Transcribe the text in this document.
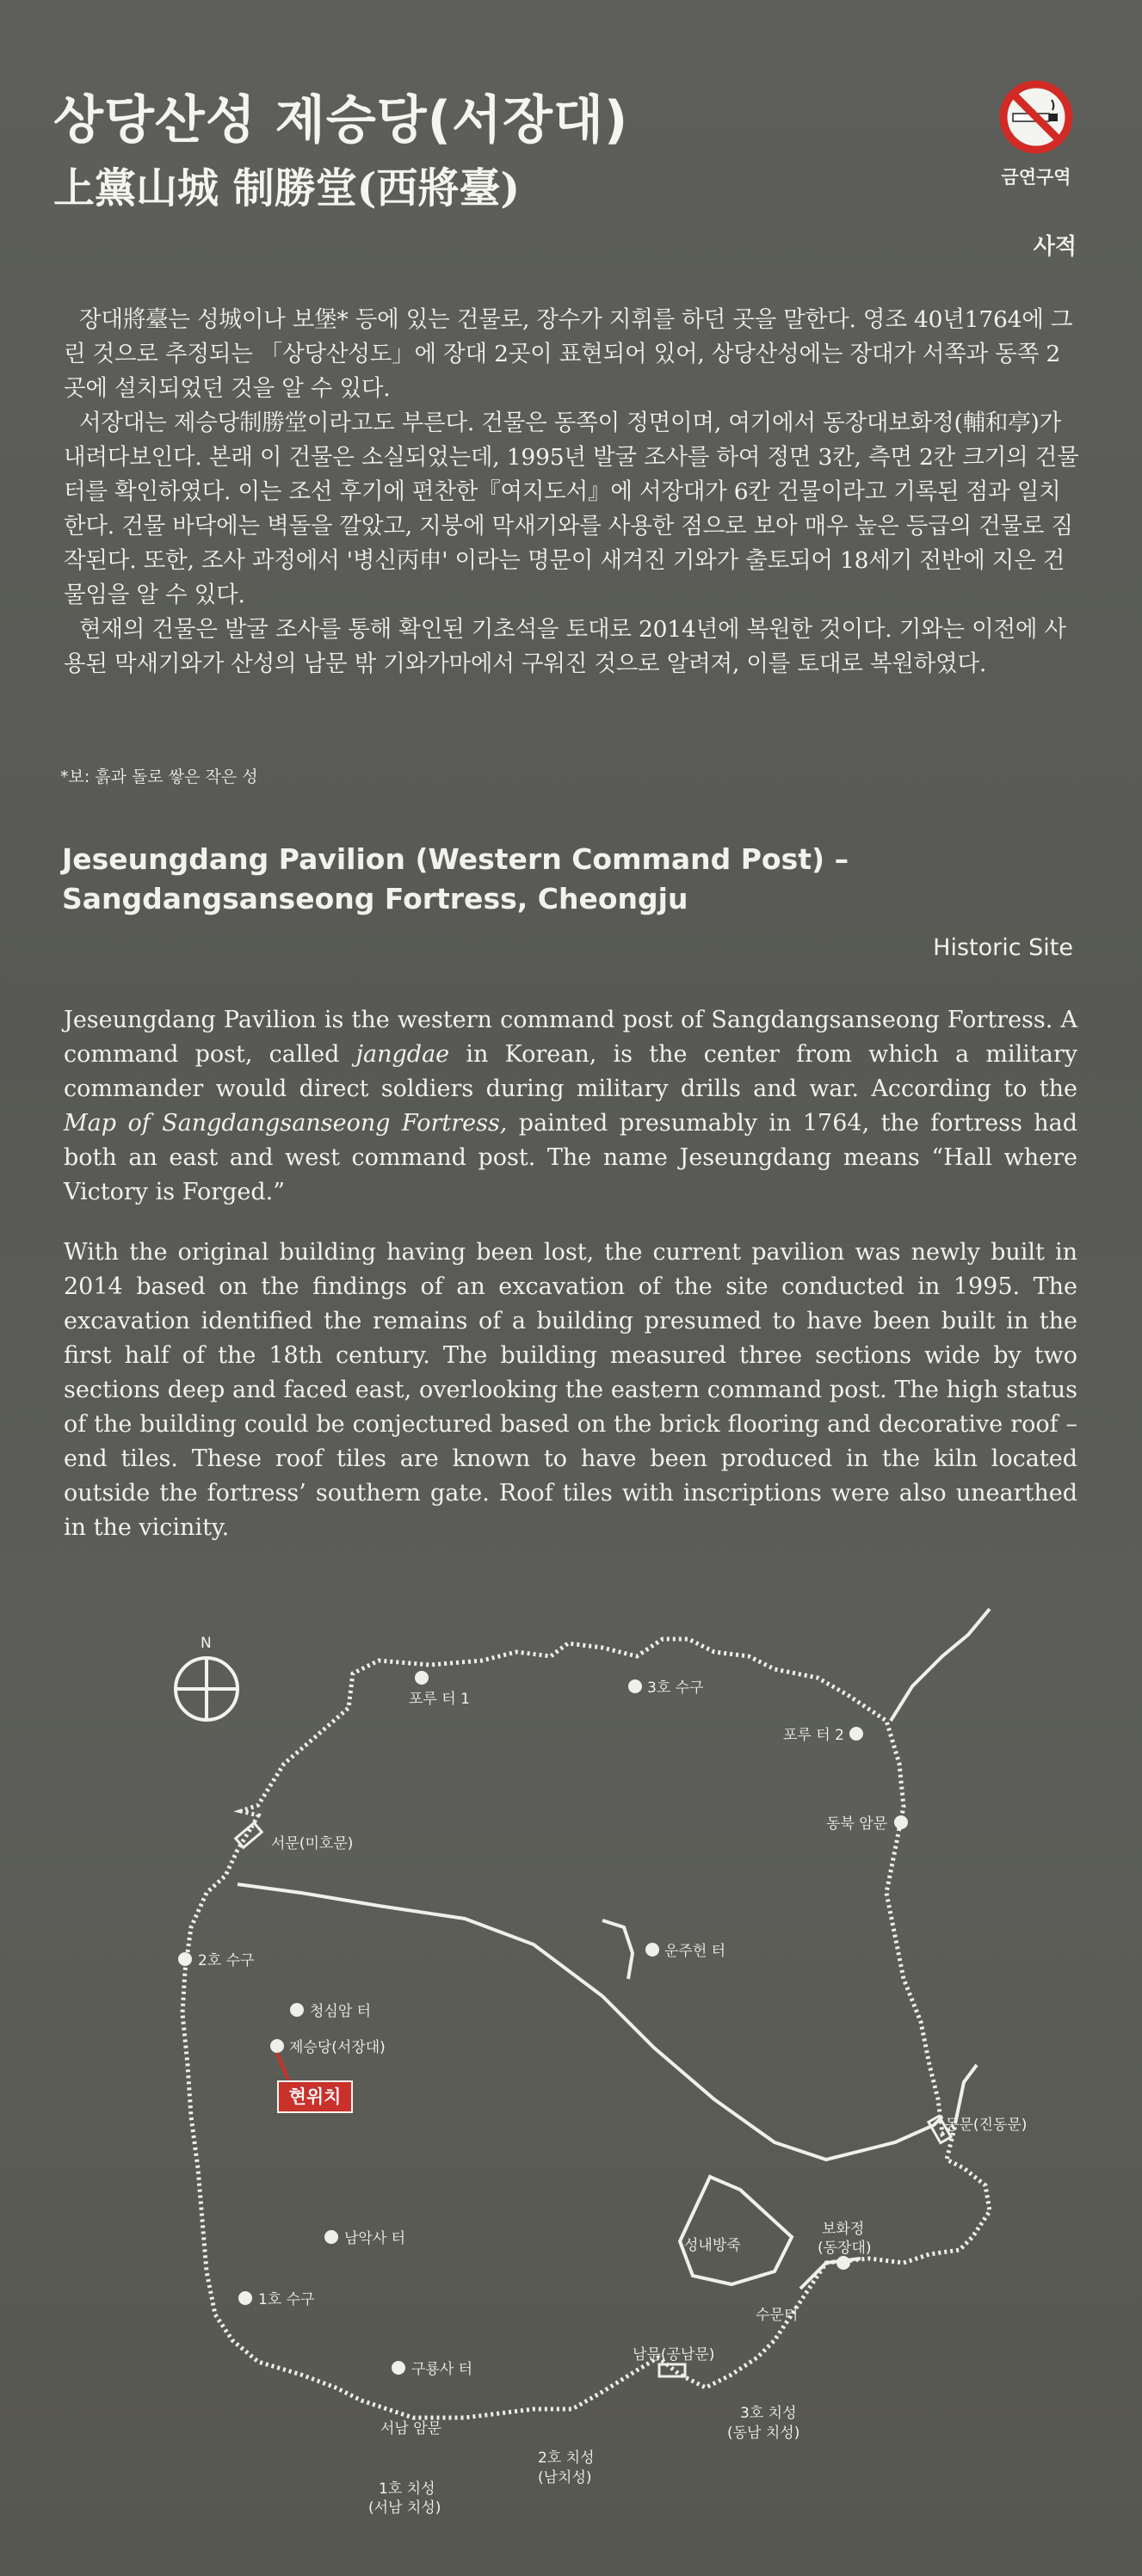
상당산성 제승당(서장대)
上黨山城 制勝堂(西將臺)	금연구역
사적

장대將臺는 성城이나 보堡* 등에 있는 건물로, 장수가 지휘를 하던 곳을 말한다. 영조 40년1764에 그린 것으로 추정되는 「상당산성도」에 장대 2곳이 표현되어 있어, 상당산성에는 장대가 서쪽과 동쪽 2곳에 설치되었던 것을 알 수 있다.

서장대는 제승당制勝堂이라고도 부른다. 건물은 동쪽이 정면이며, 여기에서 동장대보화정(輔和亭)가 내려다보인다. 본래 이 건물은 소실되었는데, 1995년 발굴 조사를 하여 정면 3칸, 측면 2칸 크기의 건물 터를 확인하였다. 이는 조선 후기에 편찬한『여지도서』에 서장대가 6칸 건물이라고 기록된 점과 일치한다. 건물 바닥에는 벽돌을 깔았고, 지붕에 막새기와를 사용한 점으로 보아 매우 높은 등급의 건물로 짐작된다. 또한, 조사 과정에서 '병신丙申' 이라는 명문이 새겨진 기와가 출토되어 18세기 전반에 지은 건물임을 알 수 있다.

현재의 건물은 발굴 조사를 통해 확인된 기초석을 토대로 2014년에 복원한 것이다. 기와는 이전에 사용된 막새기와가 산성의 남문 밖 기와가마에서 구워진 것으로 알려져, 이를 토대로 복원하였다.

*보: 흙과 돌로 쌓은 작은 성
Jeseungdang Pavilion (Western Command Post) –
Sangdangsanseong Fortress, Cheongju
Historic Site

Jeseungdang Pavilion is the western command post of Sangdangsanseong Fortress. A command post, called jangdae in Korean, is the center from which a military commander would direct soldiers during military drills and war. According to the Map of Sangdangsanseong Fortress, painted presumably in 1764, the fortress had both an east and west command post. The name Jeseungdang means “Hall where Victory is Forged.”

With the original building having been lost, the current pavilion was newly built in 2014 based on the findings of an excavation of the site conducted in 1995. The excavation identified the remains of a building presumed to have been built in the first half of the 18th century. The building measured three sections wide by two sections deep and faced east, overlooking the eastern command post. The high status of the building could be conjectured based on the brick flooring and decorative roof –end tiles. These roof tiles are known to have been produced in the kiln located outside the fortress’ southern gate. Roof tiles with inscriptions were also unearthed in the vicinity.

N
포루 터 1
3호 수구
포루 터 2
동북 암문
서문(미호문)
2호 수구
운주헌 터
청심암 터
제승당(서장대)
동문(진동문)
성내방죽
보화정
(동장대)
남악사 터
1호 수구
수문터
남문(공남문)
구룡사 터
서남 암문
3호 치성
(동남 치성)
2호 치성
(남치성)
1호 치성
(서남 치성)
현위치
